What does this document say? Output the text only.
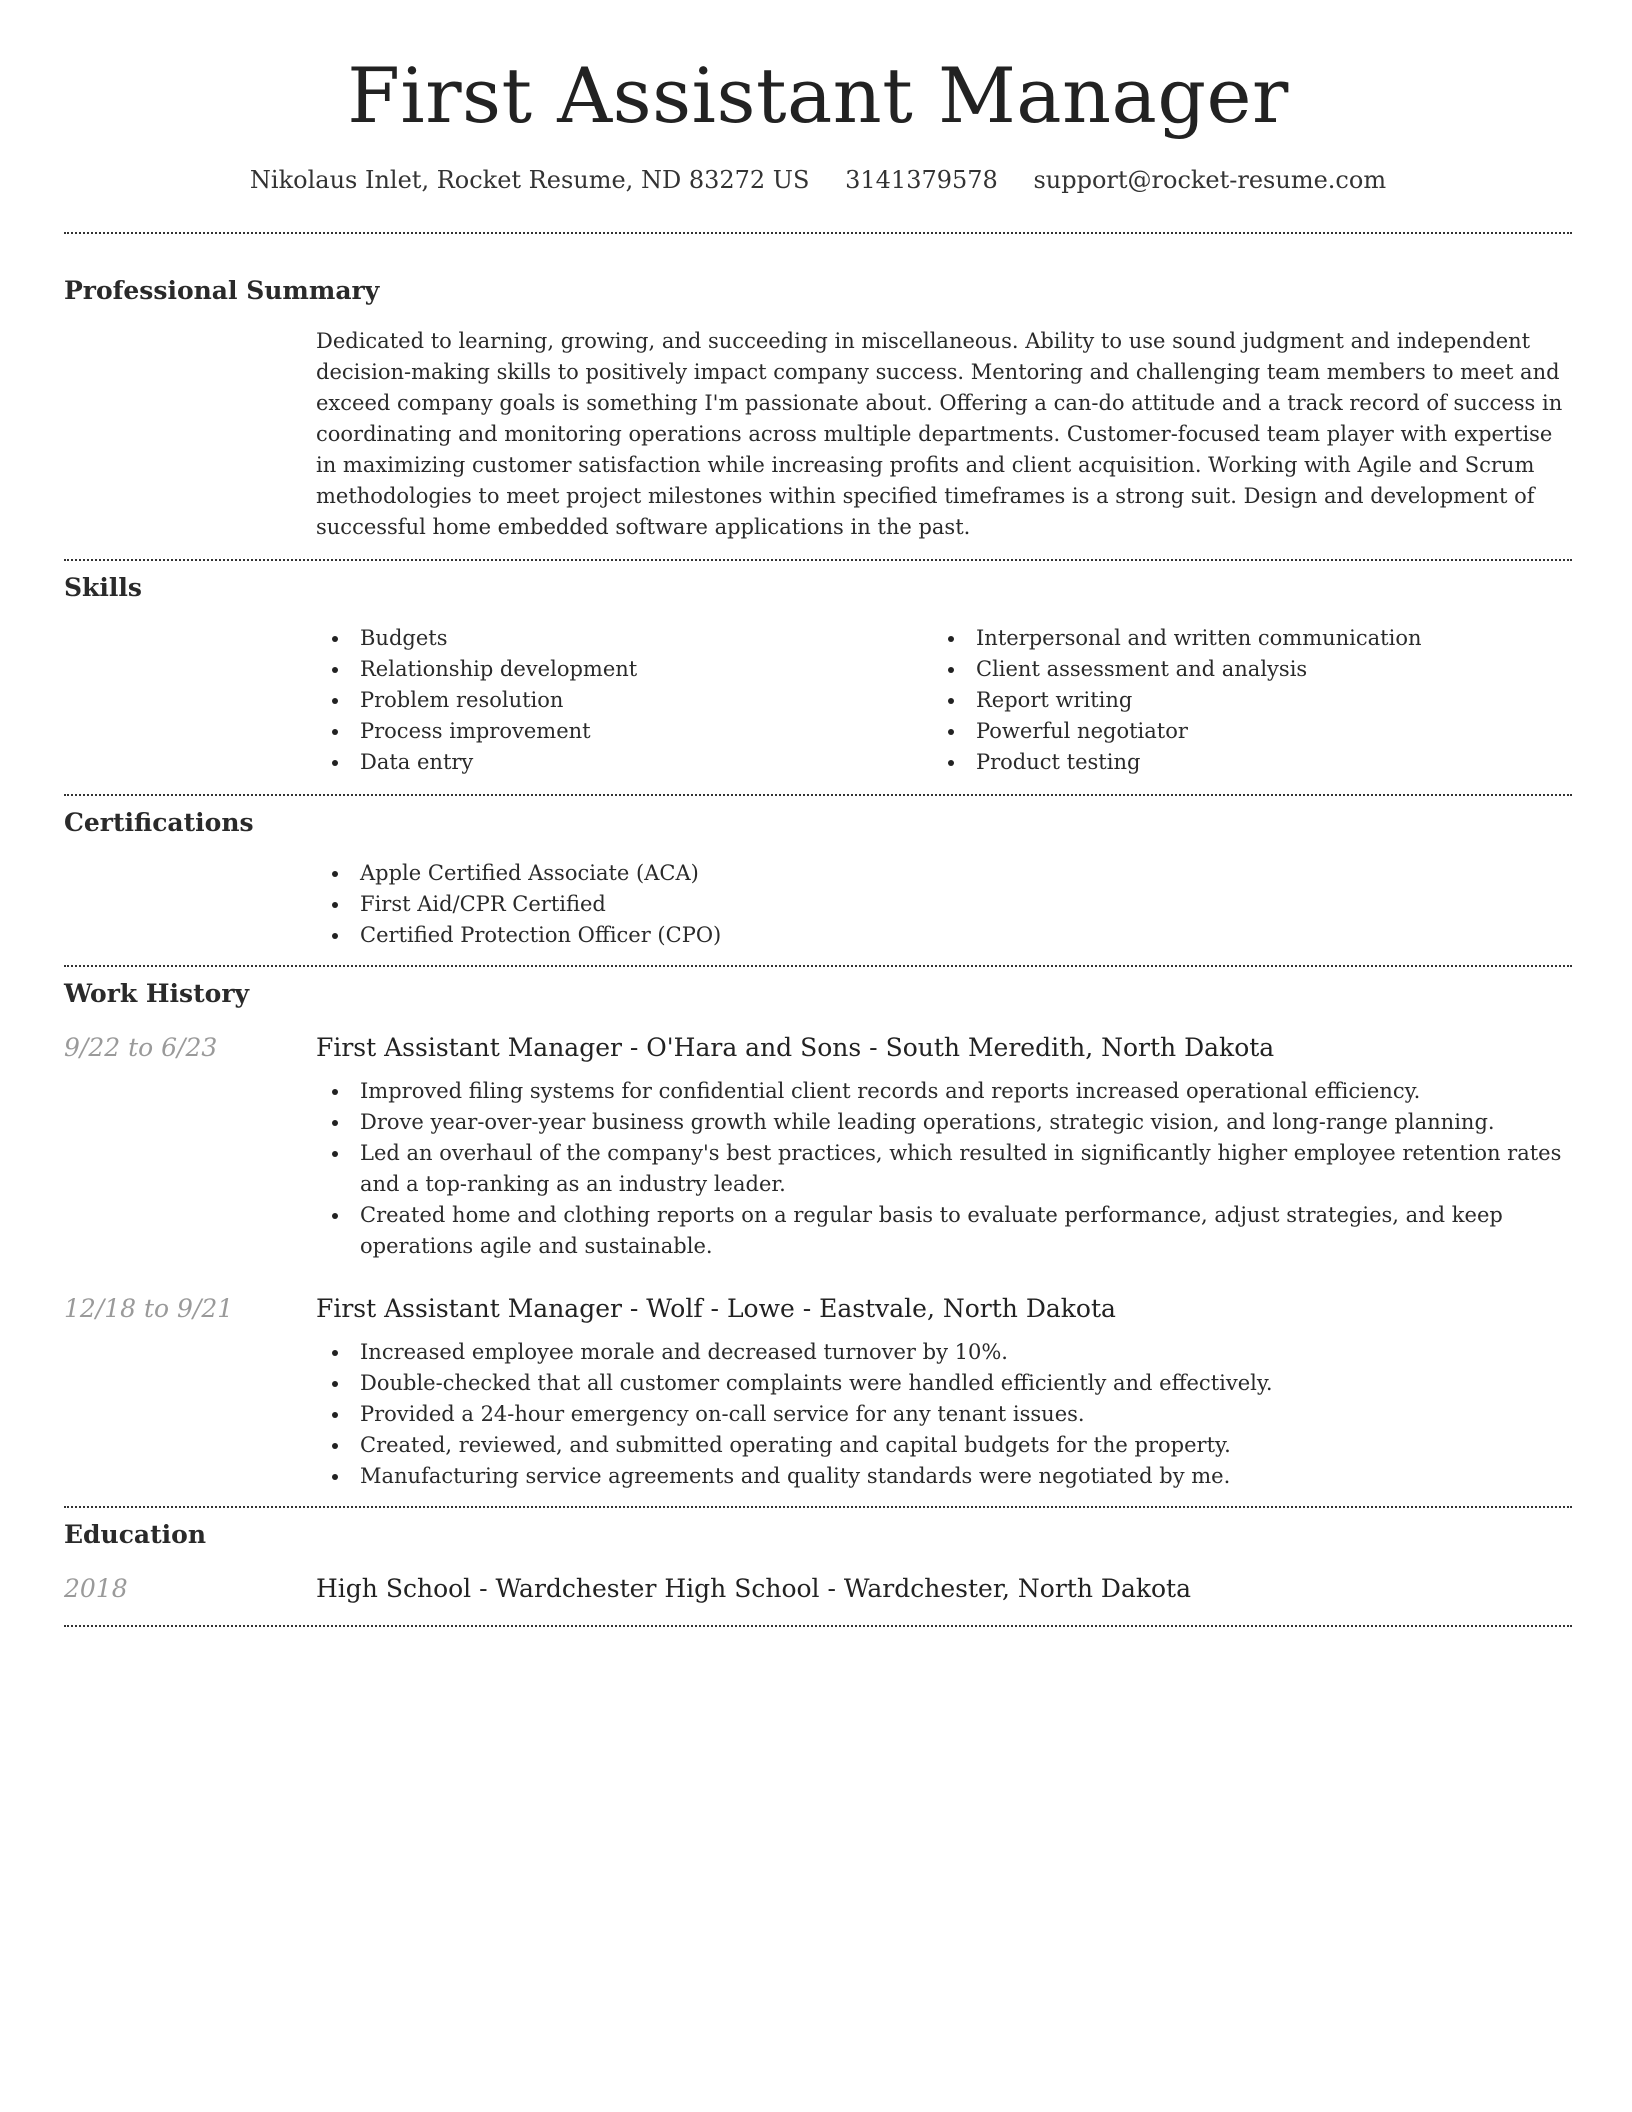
First Assistant Manager
Nikolaus Inlet, Rocket Resume, ND 83272 US 3141379578 support@rocket-resume.com
Professional Summary

Dedicated to learning, growing, and succeeding in miscellaneous. Ability to use sound judgment and independent decision-making skills to positively impact company success. Mentoring and challenging team members to meet and exceed company goals is something I'm passionate about. Offering a can-do attitude and a track record of success in coordinating and monitoring operations across multiple departments. Customer-focused team player with expertise in maximizing customer satisfaction while increasing profits and client acquisition. Working with Agile and Scrum methodologies to meet project milestones within specified timeframes is a strong suit. Design and development of successful home embedded software applications in the past.

Skills
Budgets
Relationship development
Problem resolution
Process improvement
Data entry
Interpersonal and written communication
Client assessment and analysis
Report writing
Powerful negotiator
Product testing
Certifications
Apple Certified Associate (ACA)
First Aid/CPR Certified
Certified Protection Officer (CPO)
Work History
9/22 to 6/23	First Assistant Manager - O'Hara and Sons - South Meredith, North Dakota
Improved filing systems for confidential client records and reports increased operational efficiency.
Drove year-over-year business growth while leading operations, strategic vision, and long-range planning.
Led an overhaul of the company's best practices, which resulted in significantly higher employee retention rates and a top-ranking as an industry leader.
Created home and clothing reports on a regular basis to evaluate performance, adjust strategies, and keep operations agile and sustainable.
12/18 to 9/21	First Assistant Manager - Wolf - Lowe - Eastvale, North Dakota
Increased employee morale and decreased turnover by 10%.
Double-checked that all customer complaints were handled efficiently and effectively.
Provided a 24-hour emergency on-call service for any tenant issues.
Created, reviewed, and submitted operating and capital budgets for the property.
Manufacturing service agreements and quality standards were negotiated by me.
Education
2018	High School - Wardchester High School - Wardchester, North Dakota
